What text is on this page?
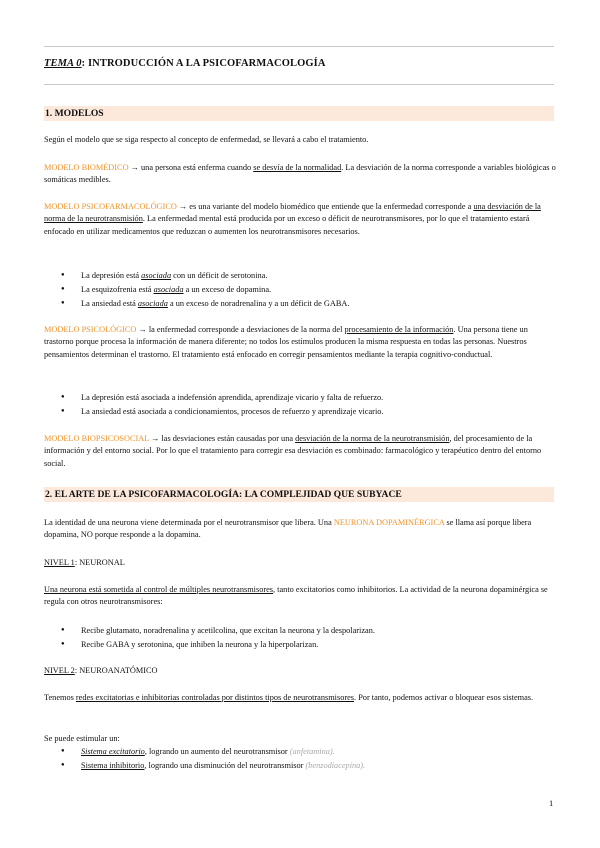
TEMA 0: INTRODUCCIÓN A LA PSICOFARMACOLOGÍA
1. MODELOS
Según el modelo que se siga respecto al concepto de enfermedad, se llevará a cabo el tratamiento.
MODELO BIOMÉDICO → una persona está enferma cuando se desvía de la normalidad. La desviación de la norma corresponde a variables biológicas o somáticas medibles.
MODELO PSICOFARMACOLÓGICO → es una variante del modelo biomédico que entiende que la enfermedad corresponde a una desviación de la norma de la neurotransmisión. La enfermedad mental está producida por un exceso o déficit de neurotransmisores, por lo que el tratamiento estará enfocado en utilizar medicamentos que reduzcan o aumenten los neurotransmisores necesarios.
● La depresión está asociada con un déficit de serotonina.
● La esquizofrenia está asociada a un exceso de dopamina.
● La ansiedad está asociada a un exceso de noradrenalina y a un déficit de GABA.
MODELO PSICOLÓGICO → la enfermedad corresponde a desviaciones de la norma del procesamiento de la información. Una persona tiene un trastorno porque procesa la información de manera diferente; no todos los estímulos producen la misma respuesta en todas las personas. Nuestros pensamientos determinan el trastorno. El tratamiento está enfocado en corregir pensamientos mediante la terapia cognitivo-conductual.
● La depresión está asociada a indefensión aprendida, aprendizaje vicario y falta de refuerzo.
● La ansiedad está asociada a condicionamientos, procesos de refuerzo y aprendizaje vicario.
MODELO BIOPSICOSOCIAL → las desviaciones están causadas por una desviación de la norma de la neurotransmisión, del procesamiento de la información y del entorno social. Por lo que el tratamiento para corregir esa desviación es combinado: farmacológico y terapéutico dentro del entorno social.
2. EL ARTE DE LA PSICOFARMACOLOGÍA: LA COMPLEJIDAD QUE SUBYACE
La identidad de una neurona viene determinada por el neurotransmisor que libera. Una NEURONA DOPAMINÉRGICA se llama así porque libera dopamina, NO porque responde a la dopamina.
NIVEL 1: NEURONAL
Una neurona está sometida al control de múltiples neurotransmisores, tanto excitatorios como inhibitorios. La actividad de la neurona dopaminérgica se regula con otros neurotransmisores:
● Recibe glutamato, noradrenalina y acetilcolina, que excitan la neurona y la despolarizan.
● Recibe GABA y serotonina, que inhiben la neurona y la hiperpolarizan.
NIVEL 2: NEUROANATÓMICO
Tenemos redes excitatorias e inhibitorias controladas por distintos tipos de neurotransmisores. Por tanto, podemos activar o bloquear esos sistemas.
Se puede estimular un:
● Sistema excitatorio, logrando un aumento del neurotransmisor (anfetamina).
● Sistema inhibitorio, logrando una disminución del neurotransmisor (benzodiacepina).
1
